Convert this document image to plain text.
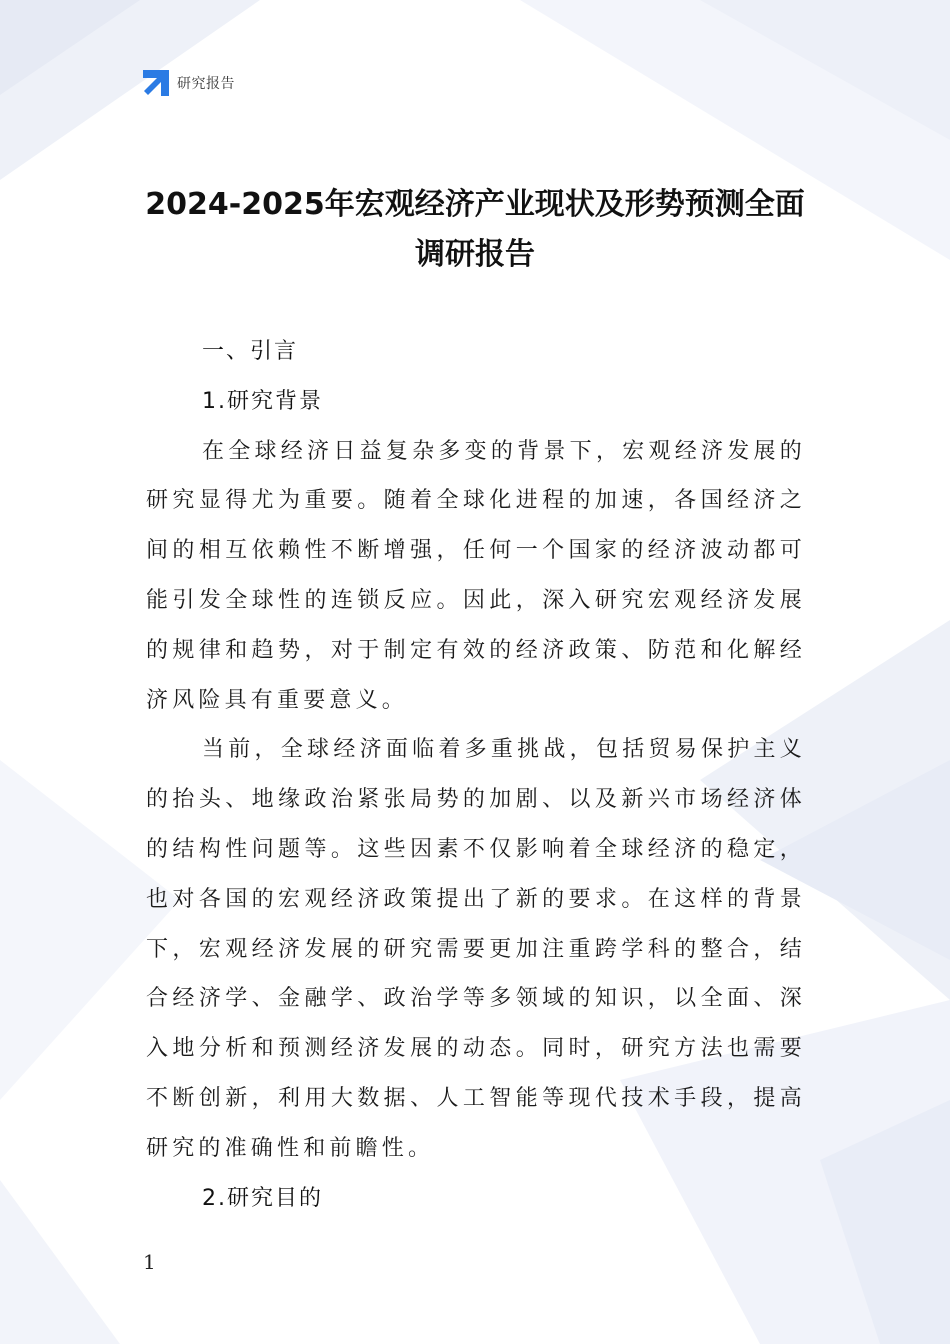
研究报告
2024-2025年宏观经济产业现状及形势预测全面调研报告

一、引言

1.研究背景

在全球经济日益复杂多变的背景下，宏观经济发展的研究显得尤为重要。随着全球化进程的加速，各国经济之间的相互依赖性不断增强，任何一个国家的经济波动都可能引发全球性的连锁反应。因此，深入研究宏观经济发展的规律和趋势，对于制定有效的经济政策、防范和化解经济风险具有重要意义。

当前，全球经济面临着多重挑战，包括贸易保护主义的抬头、地缘政治紧张局势的加剧、以及新兴市场经济体的结构性问题等。这些因素不仅影响着全球经济的稳定，也对各国的宏观经济政策提出了新的要求。在这样的背景下，宏观经济发展的研究需要更加注重跨学科的整合，结合经济学、金融学、政治学等多领域的知识，以全面、深入地分析和预测经济发展的动态。同时，研究方法也需要不断创新，利用大数据、人工智能等现代技术手段，提高研究的准确性和前瞻性。

2.研究目的

1
